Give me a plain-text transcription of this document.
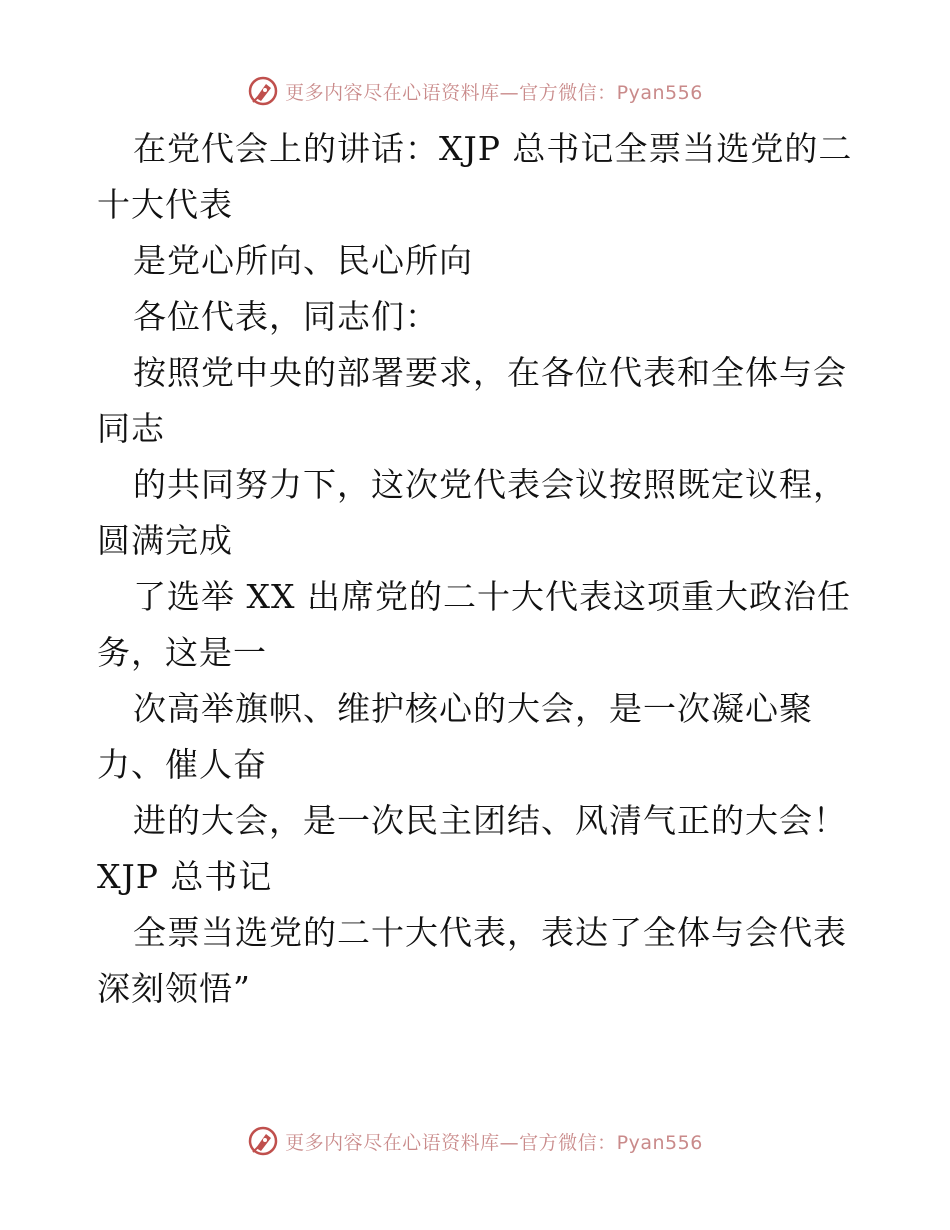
更多内容尽在心语资料库—官方微信：Pyan556
在党代会上的讲话：XJP 总书记全票当选党的二
十大代表
是党心所向、民心所向
各位代表，同志们：
按照党中央的部署要求，在各位代表和全体与会
同志
的共同努力下，这次党代表会议按照既定议程，
圆满完成
了选举 XX 出席党的二十大代表这项重大政治任
务，这是一
次高举旗帜、维护核心的大会，是一次凝心聚
力、催人奋
进的大会，是一次民主团结、风清气正的大会！
XJP 总书记
全票当选党的二十大代表，表达了全体与会代表
深刻领悟”
更多内容尽在心语资料库—官方微信：Pyan556
